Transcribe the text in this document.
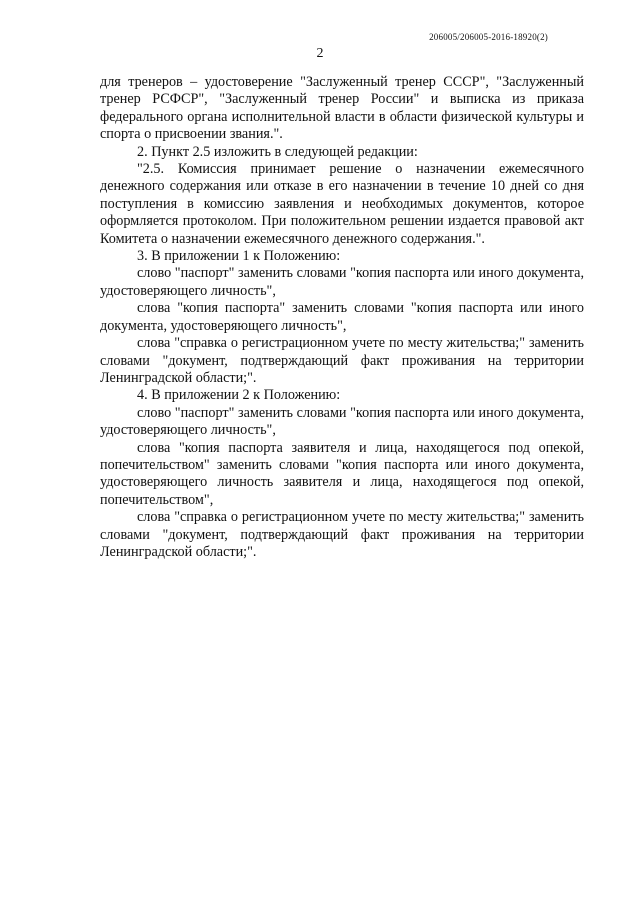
206005/206005-2016-18920(2)
2

для тренеров – удостоверение "Заслуженный тренер СССР", "Заслуженный тренер РСФСР", "Заслуженный тренер России" и выписка из приказа федерального органа исполнительной власти в области физической культуры и спорта о присвоении звания.".

2. Пункт 2.5 изложить в следующей редакции:

"2.5. Комиссия принимает решение о назначении ежемесячного денежного содержания или отказе в его назначении в течение 10 дней со дня поступления в комиссию заявления и необходимых документов, которое оформляется протоколом. При положительном решении издается правовой акт Комитета о назначении ежемесячного денежного содержания.".

3. В приложении 1 к Положению:

слово "паспорт" заменить словами "копия паспорта или иного документа, удостоверяющего личность",

слова "копия паспорта" заменить словами "копия паспорта или иного документа, удостоверяющего личность",

слова "справка о регистрационном учете по месту жительства;" заменить словами "документ, подтверждающий факт проживания на территории Ленинградской области;".

4. В приложении 2 к Положению:

слово "паспорт" заменить словами "копия паспорта или иного документа, удостоверяющего личность",

слова "копия паспорта заявителя и лица, находящегося под опекой, попечительством" заменить словами "копия паспорта или иного документа, удостоверяющего личность заявителя и лица, находящегося под опекой, попечительством",

слова "справка о регистрационном учете по месту жительства;" заменить словами "документ, подтверждающий факт проживания на территории Ленинградской области;".
